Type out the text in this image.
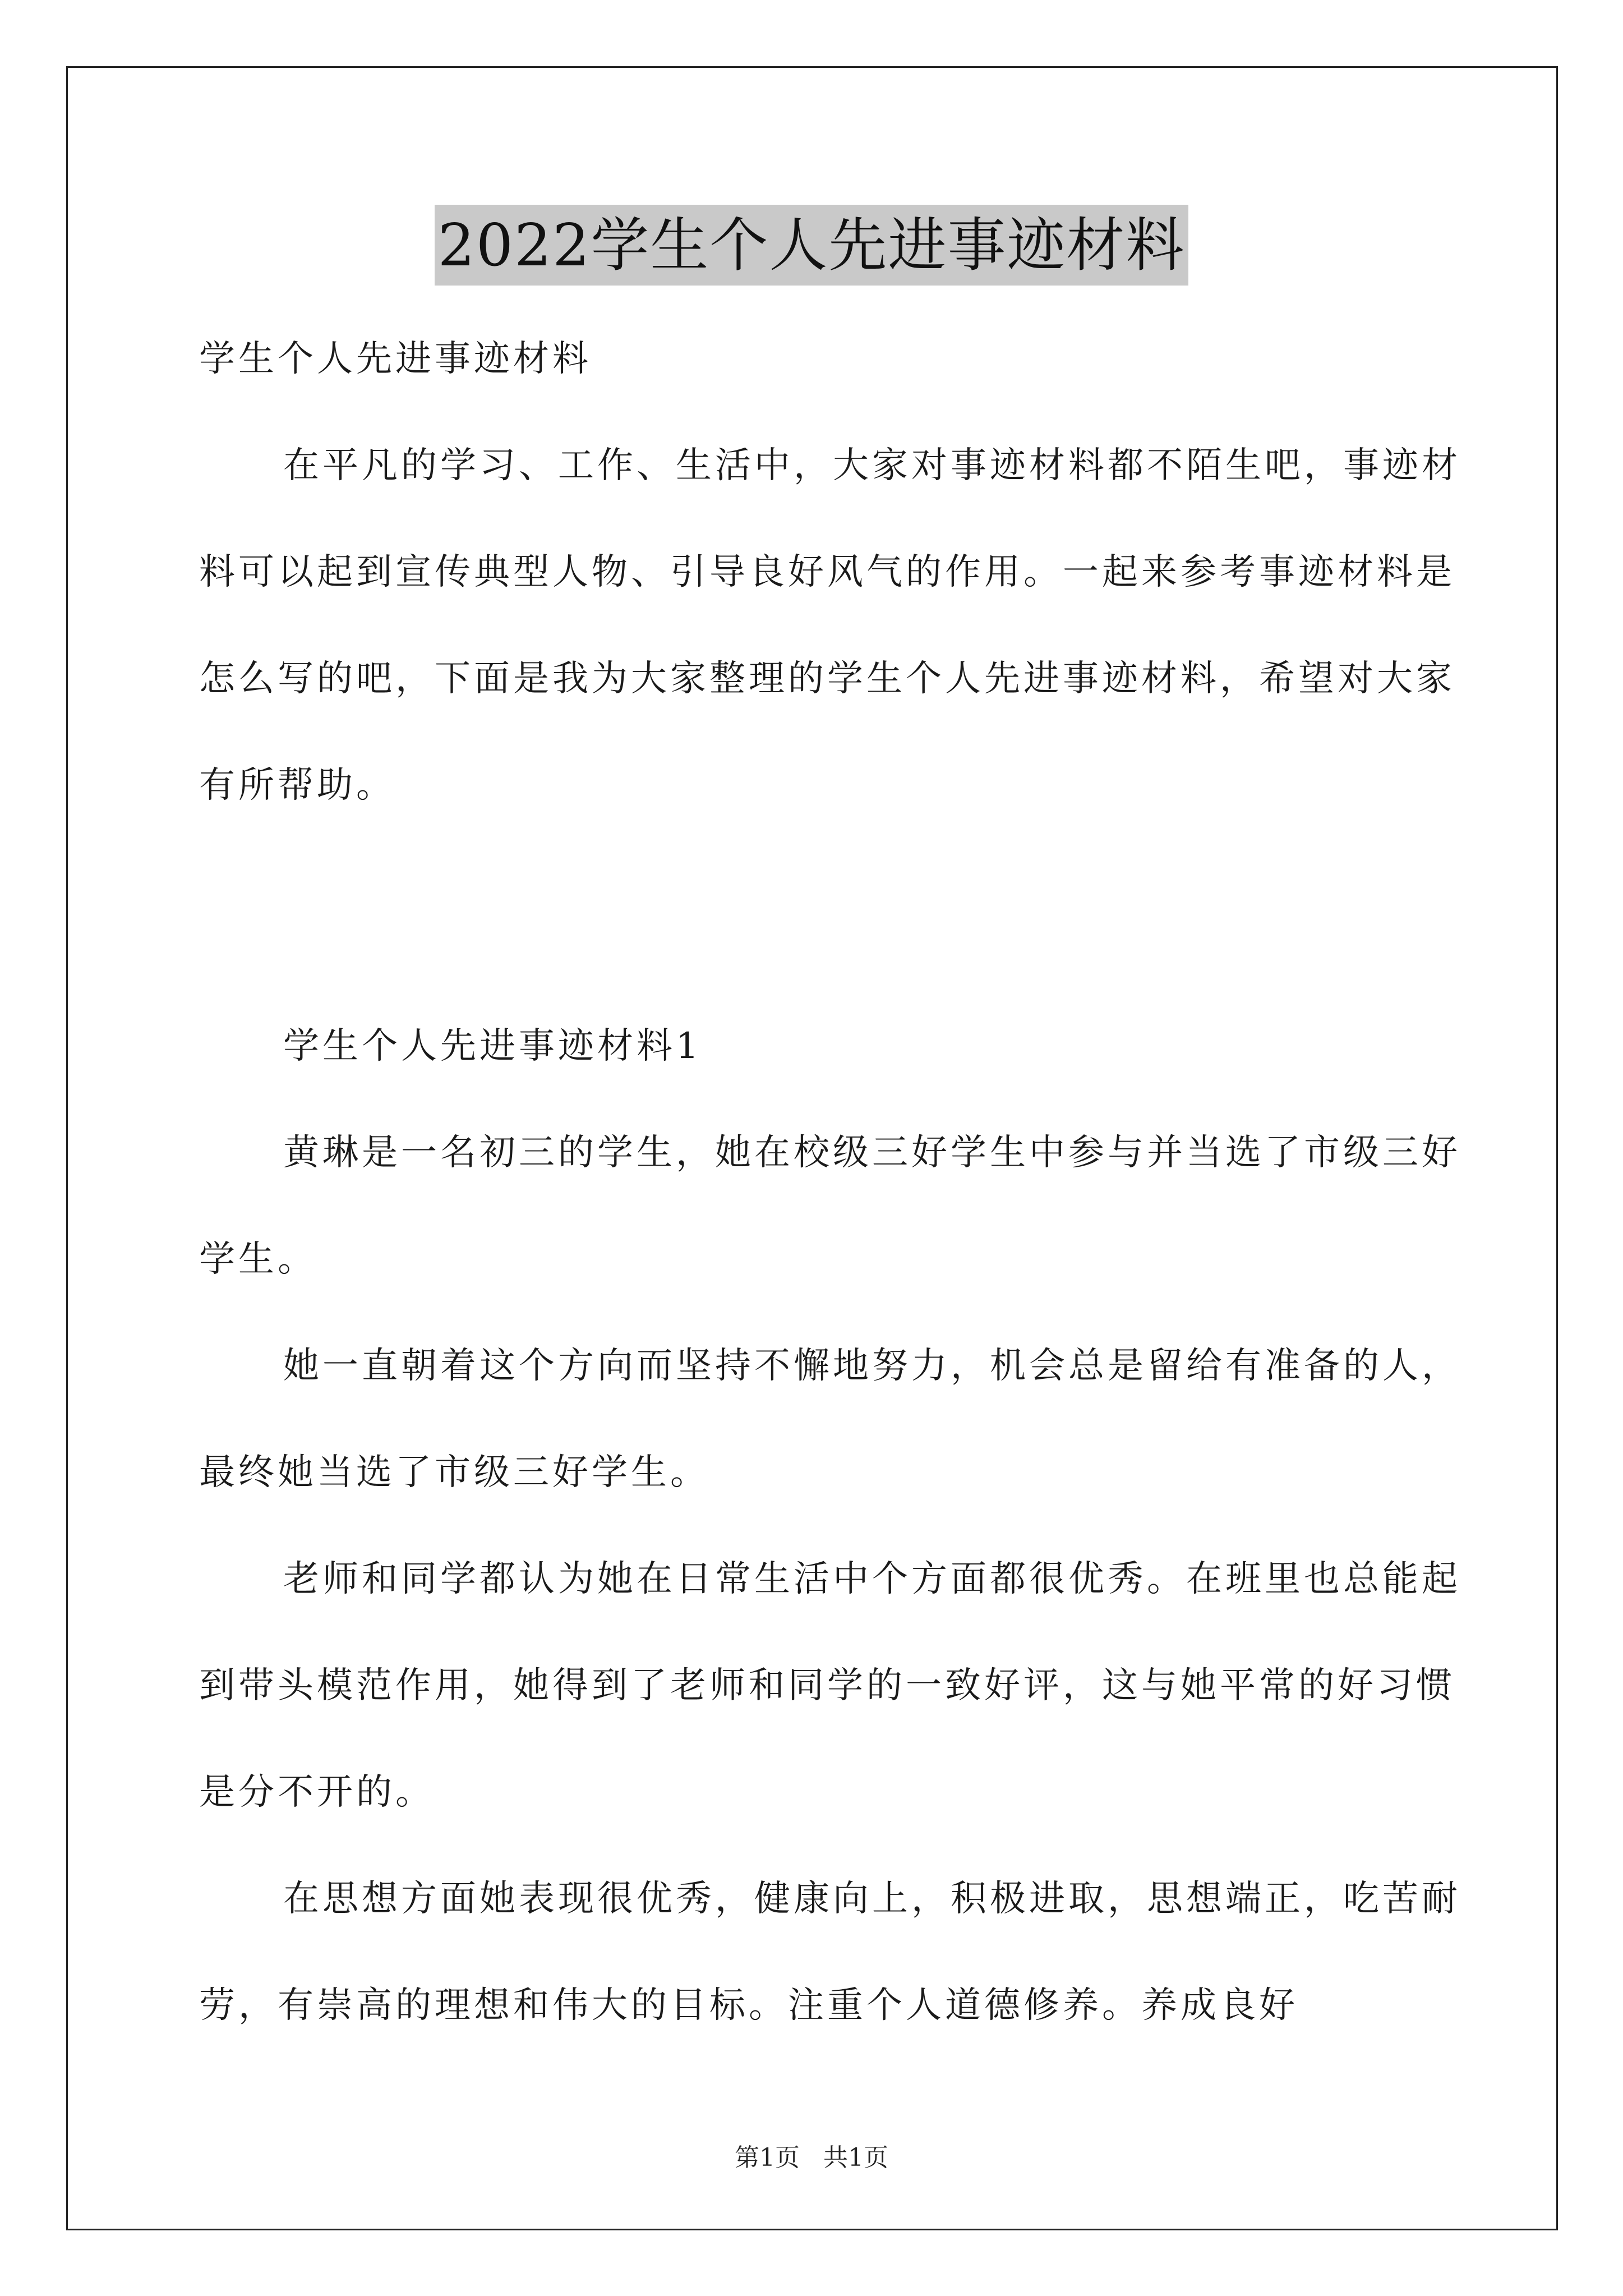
2022学生个人先进事迹材料

学生个人先进事迹材料

在平凡的学习、工作、生活中，大家对事迹材料都不陌生吧，事迹材料可以起到宣传典型人物、引导良好风气的作用。一起来参考事迹材料是怎么写的吧，下面是我为大家整理的学生个人先进事迹材料，希望对大家有所帮助。

学生个人先进事迹材料1

黄琳是一名初三的学生，她在校级三好学生中参与并当选了市级三好学生。

她一直朝着这个方向而坚持不懈地努力，机会总是留给有准备的人，最终她当选了市级三好学生。

老师和同学都认为她在日常生活中个方面都很优秀。在班里也总能起到带头模范作用，她得到了老师和同学的一致好评，这与她平常的好习惯是分不开的。

在思想方面她表现很优秀，健康向上，积极进取，思想端正，吃苦耐劳，有崇高的理想和伟大的目标。注重个人道德修养。养成良好

第1页   共1页
